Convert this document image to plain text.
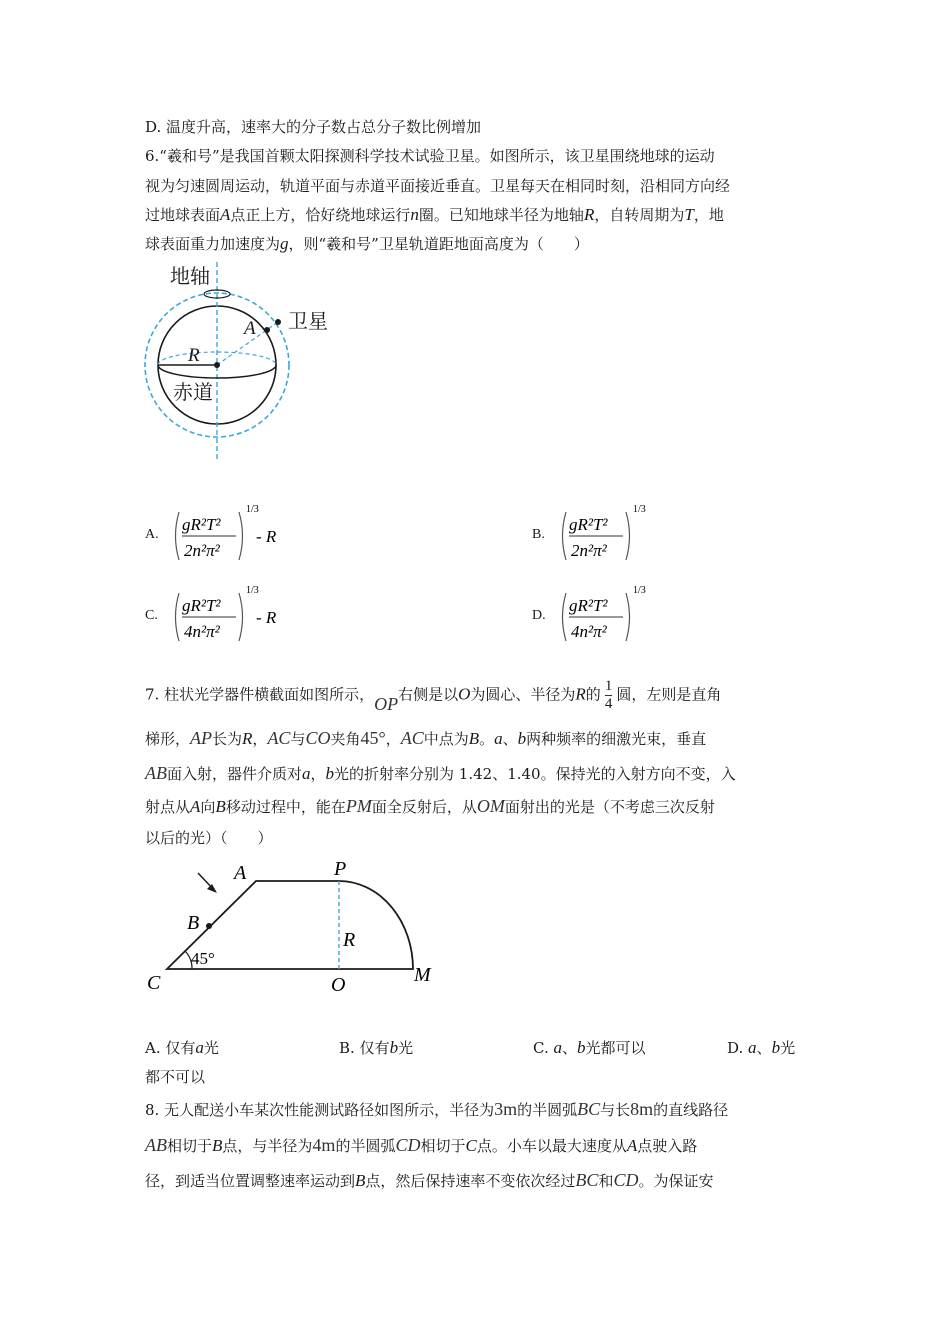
D. 温度升高，速率大的分子数占总分子数比例增加
6.“羲和号”是我国首颗太阳探测科学技术试验卫星。如图所示，该卫星围绕地球的运动
视为匀速圆周运动，轨道平面与赤道平面接近垂直。卫星每天在相同时刻，沿相同方向经
过地球表面A点正上方，恰好绕地球运行n圈。已知地球半径为地轴R，自转周期为T，地
球表面重力加速度为g，则“羲和号”卫星轨道距地面高度为（　　）
地轴
A 卫星
R
赤道
A.
gR²T²
2n²π²
1/3
- R	B.
gR²T²
2n²π²
1/3
C.
gR²T²
4n²π²
1/3
- R	D.
gR²T²
4n²π²
1/3
7. 柱状光学器件横截面如图所示，OP右侧是以O为圆心、半径为R的 $\frac{1}{4}$ 圆，左则是直角
梯形，AP长为R，AC与CO夹角45°，AC中点为B。a、b两种频率的细激光束，垂直
AB面入射，器件介质对a，b光的折射率分别为 1.42、1.40。保持光的入射方向不变，入
射点从A向B移动过程中，能在PM面全反射后，从OM面射出的光是（不考虑三次反射
以后的光）（　　）
A	P
B
R
45°
C	O	M
A. 仅有a光	B. 仅有b光	C. a、b光都可以	D. a、b光
都不可以
8. 无人配送小车某次性能测试路径如图所示，半径为3m的半圆弧BC与长8m的直线路径
AB相切于B点，与半径为4m的半圆弧CD相切于C点。小车以最大速度从A点驶入路
径，到适当位置调整速率运动到B点，然后保持速率不变依次经过BC和CD。为保证安
